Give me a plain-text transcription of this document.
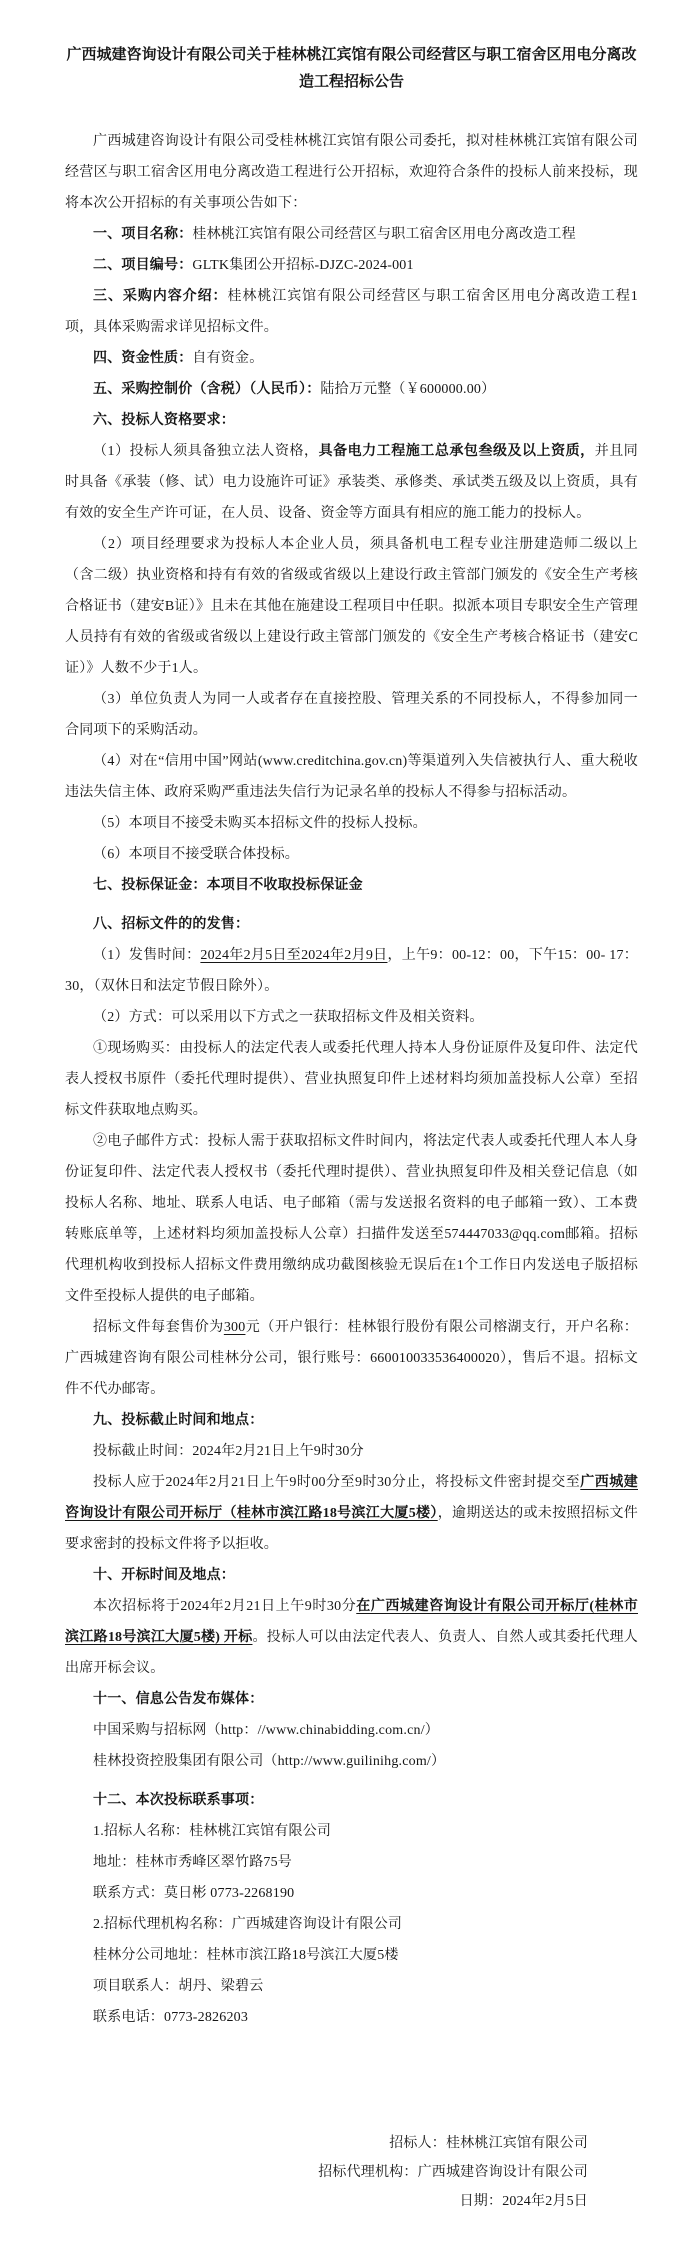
广西城建咨询设计有限公司关于桂林桃江宾馆有限公司经营区与职工宿舍区用电分离改造工程招标公告

广西城建咨询设计有限公司受桂林桃江宾馆有限公司委托，拟对桂林桃江宾馆有限公司经营区与职工宿舍区用电分离改造工程进行公开招标，欢迎符合条件的投标人前来投标，现将本次公开招标的有关事项公告如下：

一、项目名称：桂林桃江宾馆有限公司经营区与职工宿舍区用电分离改造工程

二、项目编号：GLTK集团公开招标-DJZC-2024-001

三、采购内容介绍：桂林桃江宾馆有限公司经营区与职工宿舍区用电分离改造工程1项，具体采购需求详见招标文件。

四、资金性质：自有资金。

五、采购控制价（含税）（人民币）：陆拾万元整（￥600000.00）

六、投标人资格要求：

（1）投标人须具备独立法人资格，具备电力工程施工总承包叁级及以上资质，并且同时具备《承装（修、试）电力设施许可证》承装类、承修类、承试类五级及以上资质，具有有效的安全生产许可证，在人员、设备、资金等方面具有相应的施工能力的投标人。

（2）项目经理要求为投标人本企业人员，须具备机电工程专业注册建造师二级以上（含二级）执业资格和持有有效的省级或省级以上建设行政主管部门颁发的《安全生产考核合格证书（建安B证）》且未在其他在施建设工程项目中任职。拟派本项目专职安全生产管理人员持有有效的省级或省级以上建设行政主管部门颁发的《安全生产考核合格证书（建安C证）》人数不少于1人。

（3）单位负责人为同一人或者存在直接控股、管理关系的不同投标人，不得参加同一合同项下的采购活动。

（4）对在“信用中国”网站(www.creditchina.gov.cn)等渠道列入失信被执行人、重大税收违法失信主体、政府采购严重违法失信行为记录名单的投标人不得参与招标活动。

（5）本项目不接受未购买本招标文件的投标人投标。

（6）本项目不接受联合体投标。

七、投标保证金：本项目不收取投标保证金

八、招标文件的的发售：

（1）发售时间：2024年2月5日至2024年2月9日，上午9：00-12：00，下午15：00- 17：30，（双休日和法定节假日除外）。

（2）方式：可以采用以下方式之一获取招标文件及相关资料。

①现场购买：由投标人的法定代表人或委托代理人持本人身份证原件及复印件、法定代表人授权书原件（委托代理时提供）、营业执照复印件上述材料均须加盖投标人公章）至招标文件获取地点购买。

②电子邮件方式：投标人需于获取招标文件时间内，将法定代表人或委托代理人本人身份证复印件、法定代表人授权书（委托代理时提供）、营业执照复印件及相关登记信息（如投标人名称、地址、联系人电话、电子邮箱（需与发送报名资料的电子邮箱一致）、工本费转账底单等，上述材料均须加盖投标人公章）扫描件发送至574447033@qq.com邮箱。招标代理机构收到投标人招标文件费用缴纳成功截图核验无误后在1个工作日内发送电子版招标文件至投标人提供的电子邮箱。

招标文件每套售价为300元（开户银行：桂林银行股份有限公司榕湖支行，开户名称：广西城建咨询有限公司桂林分公司，银行账号：660010033536400020），售后不退。招标文件不代办邮寄。

九、投标截止时间和地点：

投标截止时间：2024年2月21日上午9时30分

投标人应于2024年2月21日上午9时00分至9时30分止，将投标文件密封提交至广西城建咨询设计有限公司开标厅（桂林市滨江路18号滨江大厦5楼），逾期送达的或未按照招标文件要求密封的投标文件将予以拒收。

十、开标时间及地点：

本次招标将于2024年2月21日上午9时30分在广西城建咨询设计有限公司开标厅(桂林市滨江路18号滨江大厦5楼) 开标。投标人可以由法定代表人、负责人、自然人或其委托代理人出席开标会议。

十一、信息公告发布媒体：

中国采购与招标网（http：//www.chinabidding.com.cn/）

桂林投资控股集团有限公司（http://www.guilinihg.com/）

十二、本次投标联系事项：

1.招标人名称：桂林桃江宾馆有限公司

地址：桂林市秀峰区翠竹路75号

联系方式：莫日彬 0773-2268190

2.招标代理机构名称：广西城建咨询设计有限公司

桂林分公司地址：桂林市滨江路18号滨江大厦5楼

项目联系人：胡丹、梁碧云

联系电话：0773-2826203

招标人：桂林桃江宾馆有限公司

招标代理机构：广西城建咨询设计有限公司

日期：2024年2月5日
